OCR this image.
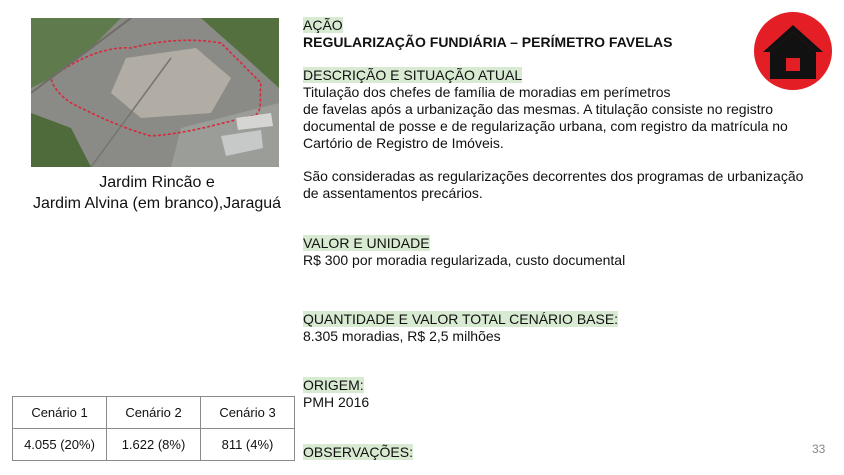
Jardim Rincão e
Jardim Alvina (em branco),Jaraguá
AÇÃO
REGULARIZAÇÃO FUNDIÁRIA – PERÍMETRO FAVELAS
DESCRIÇÃO E SITUAÇÃO ATUAL
Titulação dos chefes de família de moradias em perímetros
de favelas após a urbanização das mesmas. A titulação consiste no registro
documental de posse e de regularização urbana, com registro da matrícula no
Cartório de Registro de Imóveis.
São consideradas as regularizações decorrentes dos programas de urbanização
de assentamentos precários.
VALOR E UNIDADE
R$ 300 por moradia regularizada, custo documental
QUANTIDADE E VALOR TOTAL CENÁRIO BASE:
8.305 moradias, R$ 2,5 milhões
ORIGEM:
PMH 2016
OBSERVAÇÕES:
Cenário 1	Cenário 2	Cenário 3
4.055 (20%)	1.622 (8%)	811 (4%)	33
